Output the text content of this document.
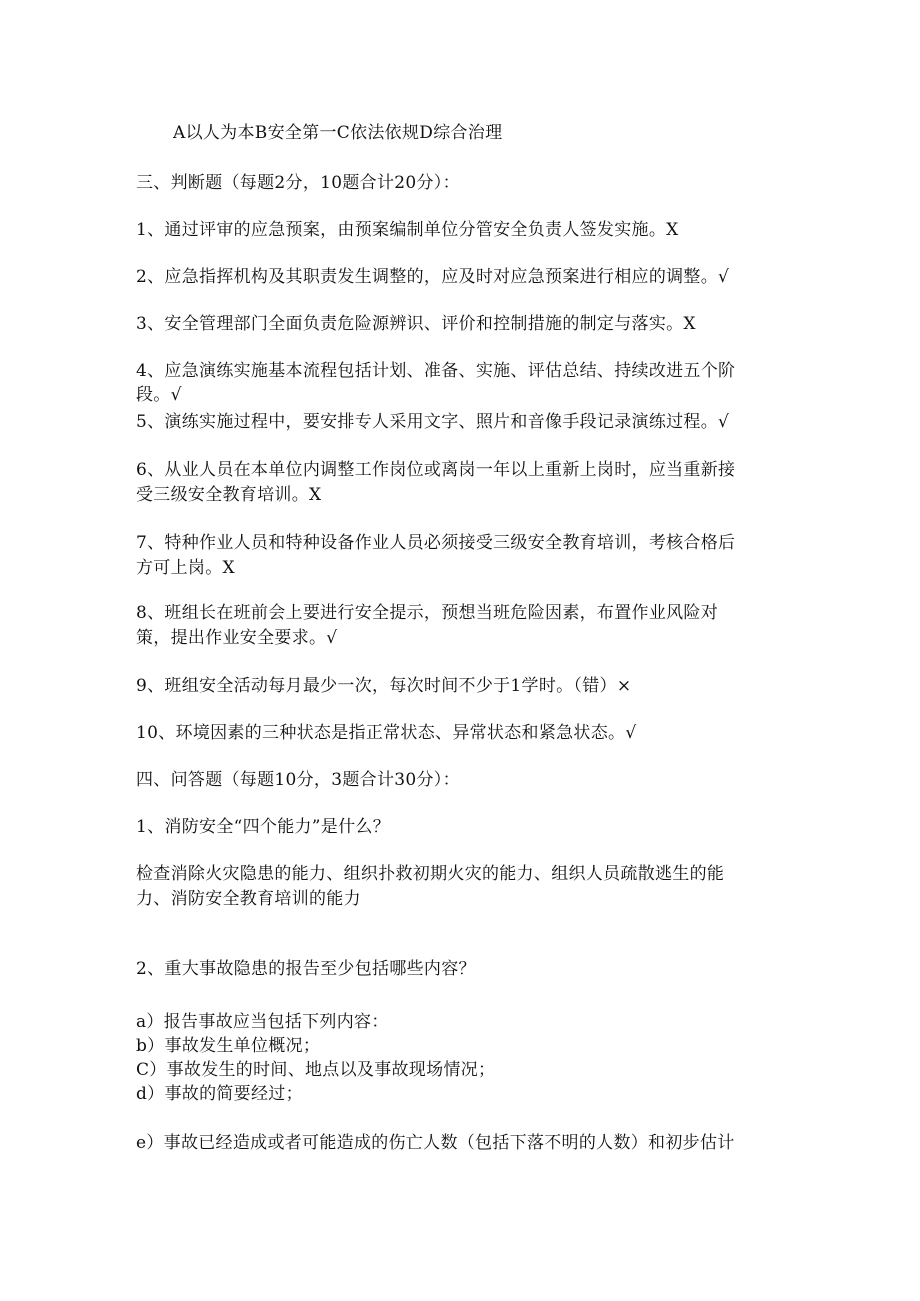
A以人为本B安全第一C依法依规D综合治理
三、判断题（每题2分，10题合计20分）：
1、通过评审的应急预案，由预案编制单位分管安全负责人签发实施。X
2、应急指挥机构及其职责发生调整的，应及时对应急预案进行相应的调整。√
3、安全管理部门全面负责危险源辨识、评价和控制措施的制定与落实。X
4、应急演练实施基本流程包括计划、准备、实施、评估总结、持续改进五个阶
段。√
5、演练实施过程中，要安排专人采用文字、照片和音像手段记录演练过程。√
6、从业人员在本单位内调整工作岗位或离岗一年以上重新上岗时，应当重新接
受三级安全教育培训。X
7、特种作业人员和特种设备作业人员必须接受三级安全教育培训，考核合格后
方可上岗。X
8、班组长在班前会上要进行安全提示，预想当班危险因素，布置作业风险对
策，提出作业安全要求。√
9、班组安全活动每月最少一次，每次时间不少于1学时。（错）×
10、环境因素的三种状态是指正常状态、异常状态和紧急状态。√
四、问答题（每题10分，3题合计30分）：
1、消防安全“四个能力”是什么？
检查消除火灾隐患的能力、组织扑救初期火灾的能力、组织人员疏散逃生的能
力、消防安全教育培训的能力
2、重大事故隐患的报告至少包括哪些内容？
a）报告事故应当包括下列内容：
b）事故发生单位概况；
C）事故发生的时间、地点以及事故现场情况；
d）事故的简要经过；
e）事故已经造成或者可能造成的伤亡人数（包括下落不明的人数）和初步估计
